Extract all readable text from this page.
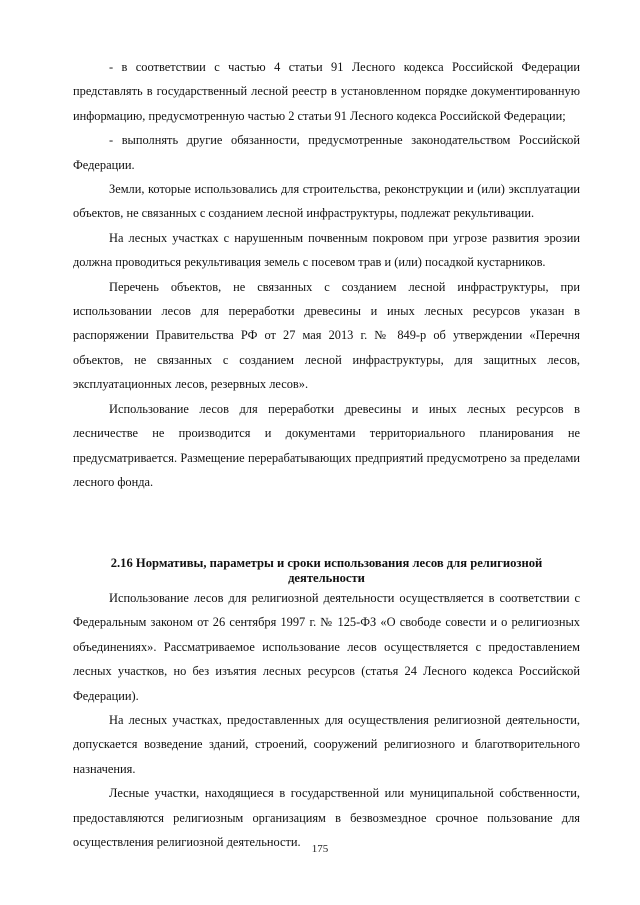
- в соответствии с частью 4 статьи 91 Лесного кодекса Российской Федерации представлять в государственный лесной реестр в установленном порядке документированную информацию, предусмотренную частью 2 статьи 91 Лесного кодекса Российской Федерации;

- выполнять другие обязанности, предусмотренные законодательством Российской Федерации.

Земли, которые использовались для строительства, реконструкции и (или) эксплуатации объектов, не связанных с созданием лесной инфраструктуры, подлежат рекультивации.

На лесных участках с нарушенным почвенным покровом при угрозе развития эрозии должна проводиться рекультивация земель с посевом трав и (или) посадкой кустарников.

Перечень объектов, не связанных с созданием лесной инфраструктуры, при использовании лесов для переработки древесины и иных лесных ресурсов указан в распоряжении Правительства РФ от 27 мая 2013 г. № 849-р об утверждении «Перечня объектов, не связанных с созданием лесной инфраструктуры, для защитных лесов, эксплуатационных лесов, резервных лесов».

Использование лесов для переработки древесины и иных лесных ресурсов в лесничестве не производится и документами территориального планирования не предусматривается. Размещение перерабатывающих предприятий предусмотрено за пределами лесного фонда.

2.16 Нормативы, параметры и сроки использования лесов для религиозной деятельности

Использование лесов для религиозной деятельности осуществляется в соответствии с Федеральным законом от 26 сентября 1997 г. № 125-ФЗ «О свободе совести и о религиозных объединениях». Рассматриваемое использование лесов осуществляется с предоставлением лесных участков, но без изъятия лесных ресурсов (статья 24 Лесного кодекса Российской Федерации).

На лесных участках, предоставленных для осуществления религиозной деятельности, допускается возведение зданий, строений, сооружений религиозного и благотворительного назначения.

Лесные участки, находящиеся в государственной или муниципальной собственности, предоставляются религиозным организациям в безвозмездное срочное пользование для осуществления религиозной деятельности.	175
